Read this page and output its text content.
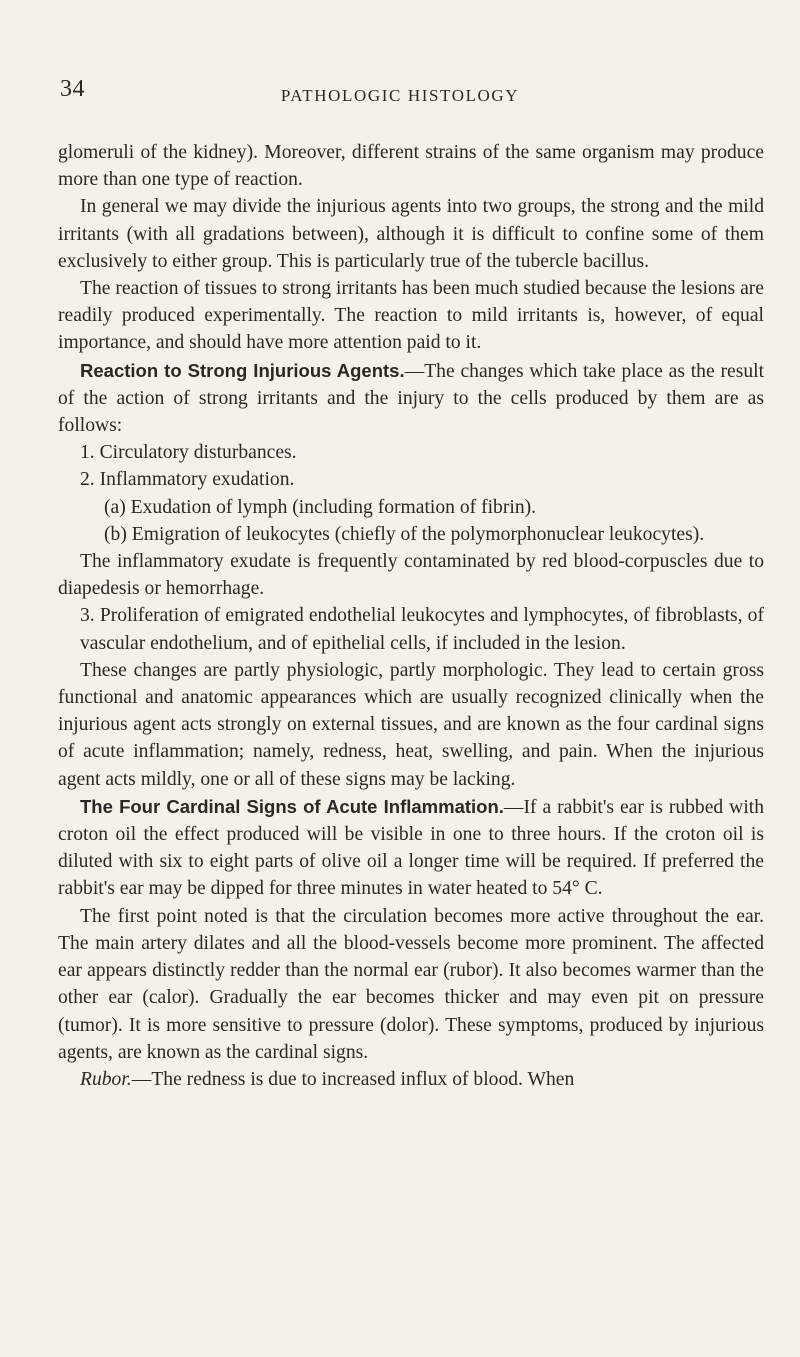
34	PATHOLOGIC HISTOLOGY

glomeruli of the kidney). Moreover, different strains of the same organism may produce more than one type of reaction.

In general we may divide the injurious agents into two groups, the strong and the mild irritants (with all gradations between), although it is difficult to confine some of them exclusively to either group. This is particularly true of the tubercle bacillus.

The reaction of tissues to strong irritants has been much studied because the lesions are readily produced experimentally. The reaction to mild irritants is, however, of equal importance, and should have more attention paid to it.

Reaction to Strong Injurious Agents.—The changes which take place as the result of the action of strong irritants and the injury to the cells produced by them are as follows:

1. Circulatory disturbances.

2. Inflammatory exudation.

(a) Exudation of lymph (including formation of fibrin).

(b) Emigration of leukocytes (chiefly of the polymorphonuclear leukocytes).

The inflammatory exudate is frequently contaminated by red blood-corpuscles due to diapedesis or hemorrhage.

3. Proliferation of emigrated endothelial leukocytes and lymphocytes, of fibroblasts, of vascular endothelium, and of epithelial cells, if included in the lesion.

These changes are partly physiologic, partly morphologic. They lead to certain gross functional and anatomic appearances which are usually recognized clinically when the injurious agent acts strongly on external tissues, and are known as the four cardinal signs of acute inflammation; namely, redness, heat, swelling, and pain. When the injurious agent acts mildly, one or all of these signs may be lacking.

The Four Cardinal Signs of Acute Inflammation.—If a rabbit's ear is rubbed with croton oil the effect produced will be visible in one to three hours. If the croton oil is diluted with six to eight parts of olive oil a longer time will be required. If preferred the rabbit's ear may be dipped for three minutes in water heated to 54° C.

The first point noted is that the circulation becomes more active throughout the ear. The main artery dilates and all the blood-vessels become more prominent. The affected ear appears distinctly redder than the normal ear (rubor). It also becomes warmer than the other ear (calor). Gradually the ear becomes thicker and may even pit on pressure (tumor). It is more sensitive to pressure (dolor). These symptoms, produced by injurious agents, are known as the cardinal signs.

Rubor.—The redness is due to increased influx of blood. When
